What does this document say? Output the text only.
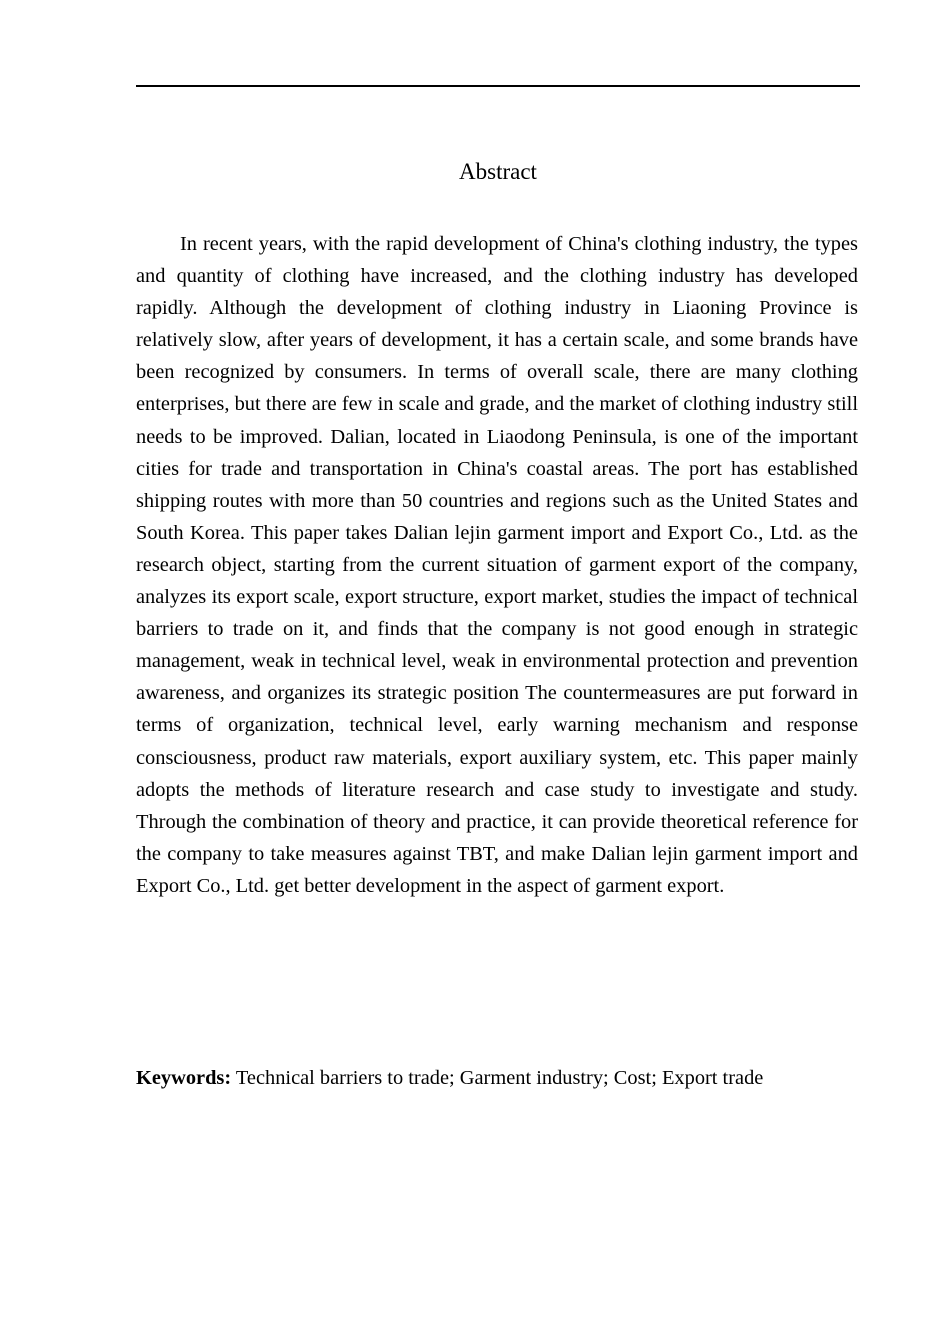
Abstract

In recent years, with the rapid development of China's clothing industry, the types and quantity of clothing have increased, and the clothing industry has developed rapidly. Although the development of clothing industry in Liaoning Province is relatively slow, after years of development, it has a certain scale, and some brands have been recognized by consumers. In terms of overall scale, there are many clothing enterprises, but there are few in scale and grade, and the market of clothing industry still needs to be improved. Dalian, located in Liaodong Peninsula, is one of the important cities for trade and transportation in China's coastal areas. The port has established shipping routes with more than 50 countries and regions such as the United States and South Korea. This paper takes Dalian lejin garment import and Export Co., Ltd. as the research object, starting from the current situation of garment export of the company, analyzes its export scale, export structure, export market, studies the impact of technical barriers to trade on it, and finds that the company is not good enough in strategic management, weak in technical level, weak in environmental protection and prevention awareness, and organizes its strategic position The countermeasures are put forward in terms of organization, technical level, early warning mechanism and response consciousness, product raw materials, export auxiliary system, etc. This paper mainly adopts the methods of literature research and case study to investigate and study. Through the combination of theory and practice, it can provide theoretical reference for the company to take measures against TBT, and make Dalian lejin garment import and Export Co., Ltd. get better development in the aspect of garment export.

Keywords: Technical barriers to trade; Garment industry; Cost; Export trade
